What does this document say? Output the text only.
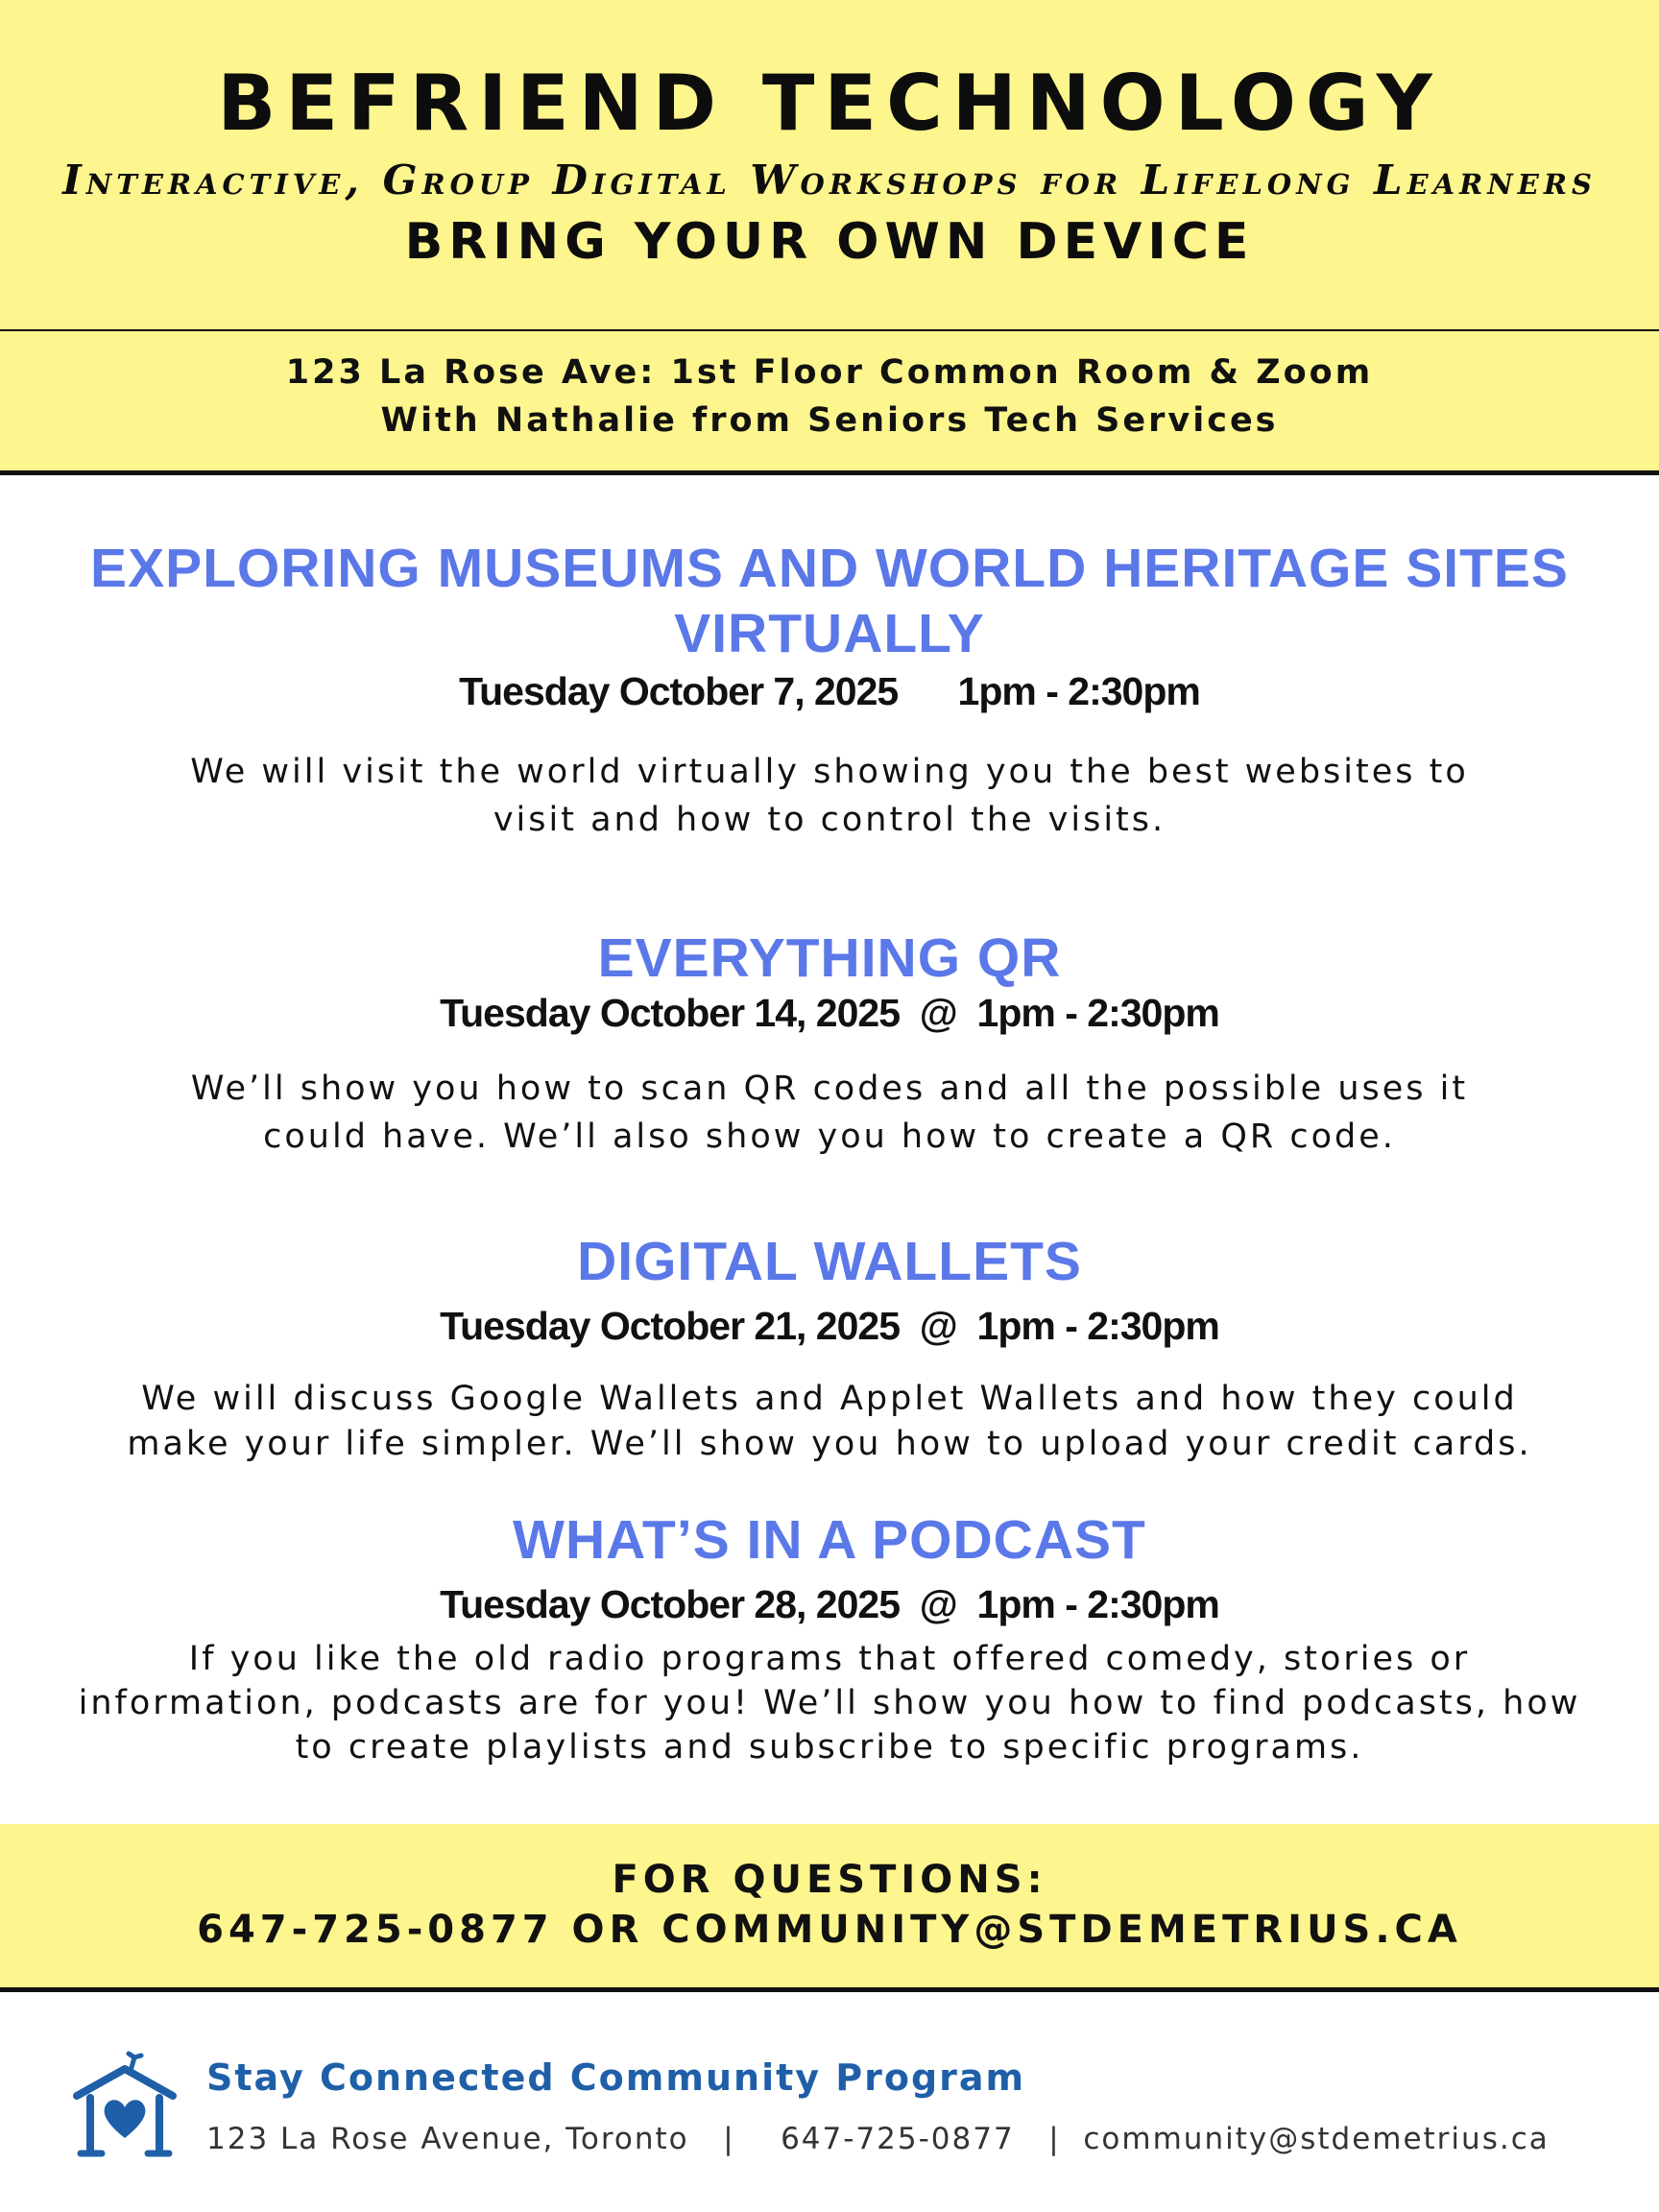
BEFRIEND TECHNOLOGY
Interactive, Group Digital Workshops for Lifelong Learners
BRING YOUR OWN DEVICE
123 La Rose Ave: 1st Floor Common Room & Zoom
With Nathalie from Seniors Tech Services
EXPLORING MUSEUMS AND WORLD HERITAGE SITES
VIRTUALLY
Tuesday October 7, 2025      1pm - 2:30pm
We will visit the world virtually showing you the best websites to
visit and how to control the visits.
EVERYTHING QR
Tuesday October 14, 2025  @  1pm - 2:30pm
We’ll show you how to scan QR codes and all the possible uses it
could have. We’ll also show you how to create a QR code.
DIGITAL WALLETS
Tuesday October 21, 2025  @  1pm - 2:30pm
We will discuss Google Wallets and Applet Wallets and how they could
make your life simpler. We’ll show you how to upload your credit cards.
WHAT’S IN A PODCAST
Tuesday October 28, 2025  @  1pm - 2:30pm
If you like the old radio programs that offered comedy, stories or
information, podcasts are for you! We’ll show you how to find podcasts, how
to create playlists and subscribe to specific programs.
FOR QUESTIONS:
647-725-0877 OR COMMUNITY@STDEMETRIUS.CA
Stay Connected Community Program
123 La Rose Avenue, Toronto   |    647-725-0877   |  community@stdemetrius.ca
